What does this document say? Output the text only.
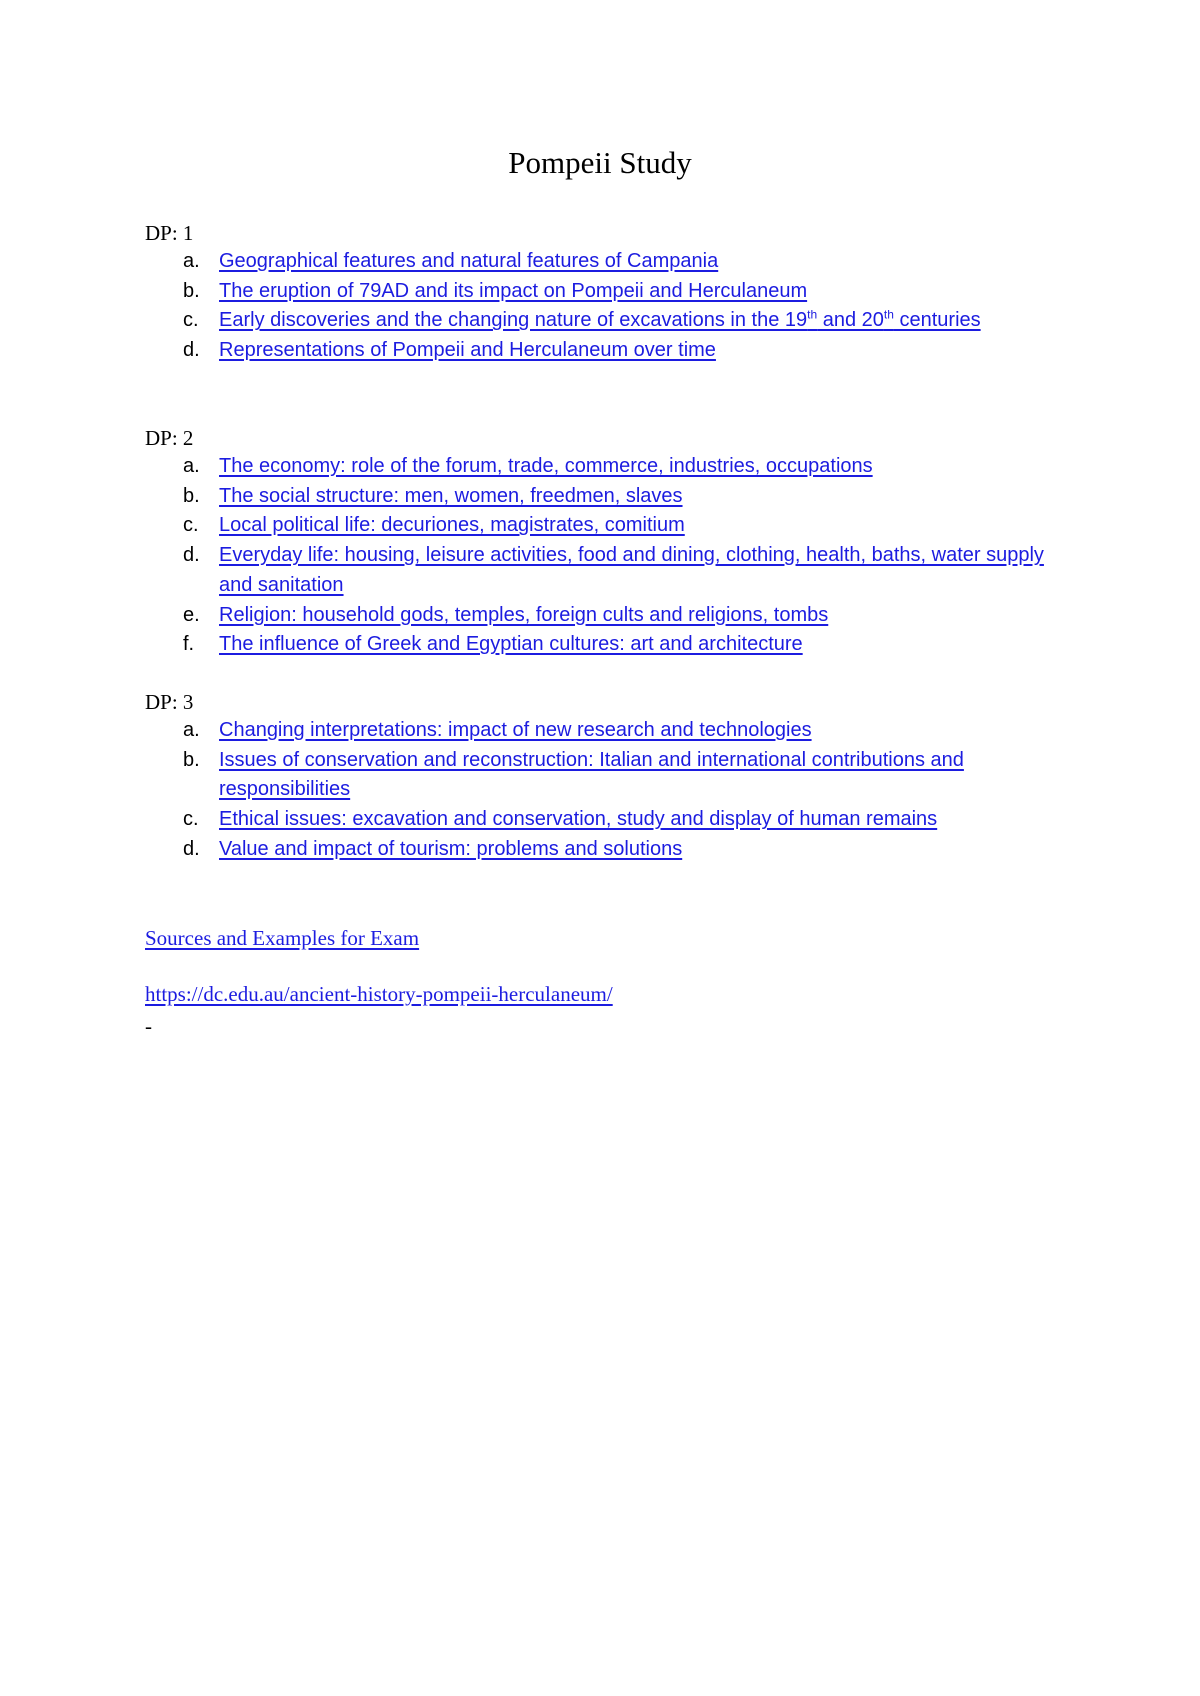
Pompeii Study

DP: 1

a. Geographical features and natural features of Campania
b. The eruption of 79AD and its impact on Pompeii and Herculaneum
c. Early discoveries and the changing nature of excavations in the 19th and 20th centuries
d. Representations of Pompeii and Herculaneum over time

DP: 2

a. The economy: role of the forum, trade, commerce, industries, occupations
b. The social structure: men, women, freedmen, slaves
c. Local political life: decuriones, magistrates, comitium
d. Everyday life: housing, leisure activities, food and dining, clothing, health, baths, water supply and sanitation
e. Religion: household gods, temples, foreign cults and religions, tombs
f. The influence of Greek and Egyptian cultures: art and architecture

DP: 3

a. Changing interpretations: impact of new research and technologies
b. Issues of conservation and reconstruction: Italian and international contributions and responsibilities
c. Ethical issues: excavation and conservation, study and display of human remains
d. Value and impact of tourism: problems and solutions
Sources and Examples for Exam
https://dc.edu.au/ancient-history-pompeii-herculaneum/
-
